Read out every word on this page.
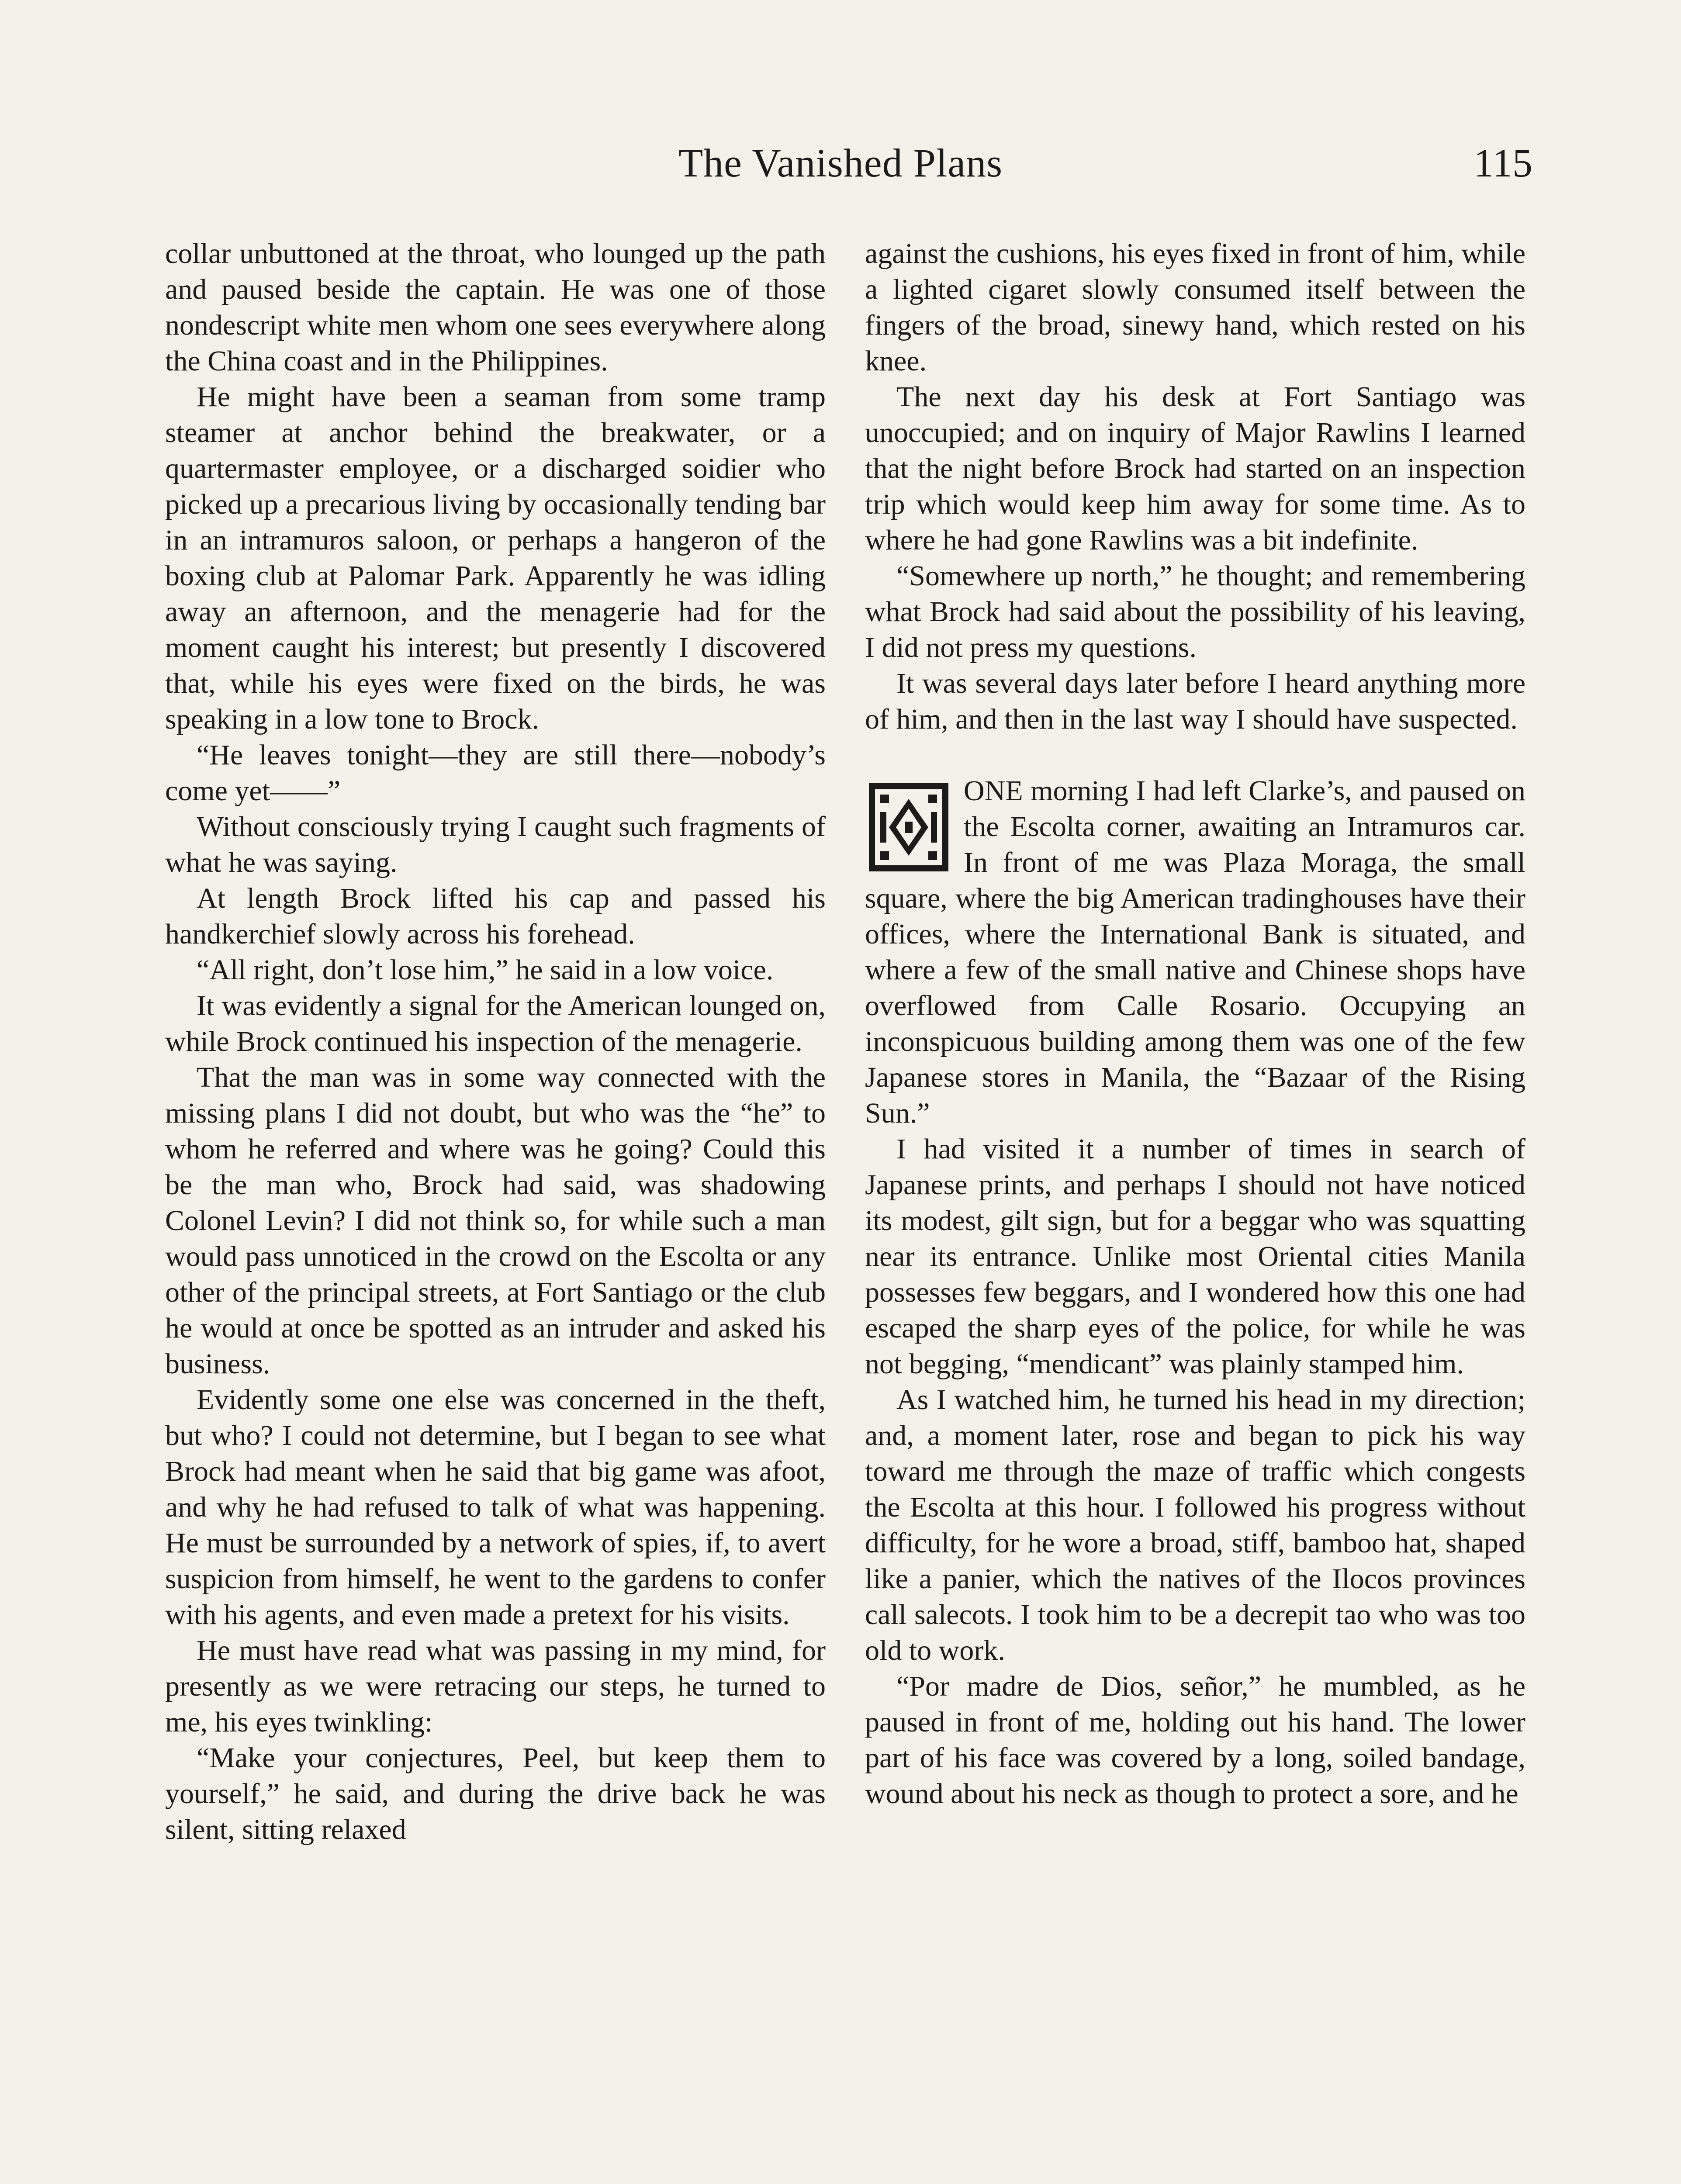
The Vanished Plans	115

collar unbuttoned at the throat, who lounged up the path and paused beside the captain. He was one of those nondescript white men whom one sees everywhere along the China coast and in the Philippines.

He might have been a seaman from some tramp steamer at anchor behind the breakwater, or a quartermaster employee, or a discharged soidier who picked up a precarious living by occasionally tending bar in an intramuros saloon, or perhaps a hangeron of the boxing club at Palomar Park. Apparently he was idling away an afternoon, and the menagerie had for the moment caught his interest; but presently I discovered that, while his eyes were fixed on the birds, he was speaking in a low tone to Brock.

“He leaves tonight—they are still there—nobody’s come yet——”

Without consciously trying I caught such fragments of what he was saying.

At length Brock lifted his cap and passed his handkerchief slowly across his forehead.

“All right, don’t lose him,” he said in a low voice.

It was evidently a signal for the American lounged on, while Brock continued his inspection of the menagerie.

That the man was in some way connected with the missing plans I did not doubt, but who was the “he” to whom he referred and where was he going? Could this be the man who, Brock had said, was shadowing Colonel Levin? I did not think so, for while such a man would pass unnoticed in the crowd on the Escolta or any other of the principal streets, at Fort Santiago or the club he would at once be spotted as an intruder and asked his business.

Evidently some one else was concerned in the theft, but who? I could not determine, but I began to see what Brock had meant when he said that big game was afoot, and why he had refused to talk of what was happening. He must be surrounded by a network of spies, if, to avert suspicion from himself, he went to the gardens to confer with his agents, and even made a pretext for his visits.

He must have read what was passing in my mind, for presently as we were retracing our steps, he turned to me, his eyes twinkling:

“Make your conjectures, Peel, but keep them to yourself,” he said, and during the drive back he was silent, sitting relaxed

against the cushions, his eyes fixed in front of him, while a lighted cigaret slowly consumed itself between the fingers of the broad, sinewy hand, which rested on his knee.

The next day his desk at Fort Santiago was unoccupied; and on inquiry of Major Rawlins I learned that the night before Brock had started on an inspection trip which would keep him away for some time. As to where he had gone Rawlins was a bit indefinite.

“Somewhere up north,” he thought; and remembering what Brock had said about the possibility of his leaving, I did not press my questions.

It was several days later before I heard anything more of him, and then in the last way I should have suspected.

ONE morning I had left Clarke’s, and paused on the Escolta corner, awaiting an Intramuros car. In front of me was Plaza Moraga, the small square, where the big American tradinghouses have their offices, where the International Bank is situated, and where a few of the small native and Chinese shops have overflowed from Calle Rosario. Occupying an inconspicuous building among them was one of the few Japanese stores in Manila, the “Bazaar of the Rising Sun.”

I had visited it a number of times in search of Japanese prints, and perhaps I should not have noticed its modest, gilt sign, but for a beggar who was squatting near its entrance. Unlike most Oriental cities Manila possesses few beggars, and I wondered how this one had escaped the sharp eyes of the police, for while he was not begging, “mendicant” was plainly stamped him.

As I watched him, he turned his head in my direction; and, a moment later, rose and began to pick his way toward me through the maze of traffic which congests the Escolta at this hour. I followed his progress without difficulty, for he wore a broad, stiff, bamboo hat, shaped like a panier, which the natives of the Ilocos provinces call salecots. I took him to be a decrepit tao who was too old to work.

“Por madre de Dios, señor,” he mumbled, as he paused in front of me, holding out his hand. The lower part of his face was covered by a long, soiled bandage, wound about his neck as though to protect a sore, and he
